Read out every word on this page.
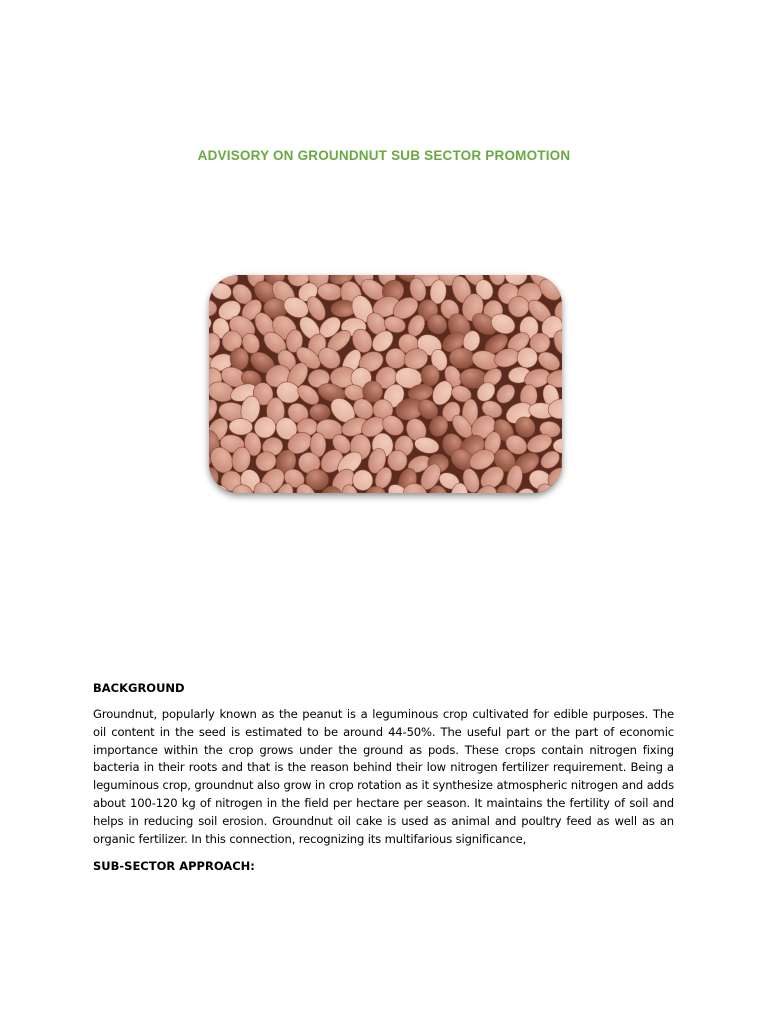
ADVISORY ON GROUNDNUT SUB SECTOR PROMOTION
BACKGROUND

Groundnut, popularly known as the peanut is a leguminous crop cultivated for edible purposes. The oil content in the seed is estimated to be around 44-50%. The useful part or the part of economic importance within the crop grows under the ground as pods. These crops contain nitrogen fixing bacteria in their roots and that is the reason behind their low nitrogen fertilizer requirement. Being a leguminous crop, groundnut also grow in crop rotation as it synthesize atmospheric nitrogen and adds about 100-120 kg of nitrogen in the field per hectare per season. It maintains the fertility of soil and helps in reducing soil erosion. Groundnut oil cake is used as animal and poultry feed as well as an organic fertilizer. In this connection, recognizing its multifarious significance,

SUB-SECTOR APPROACH:
